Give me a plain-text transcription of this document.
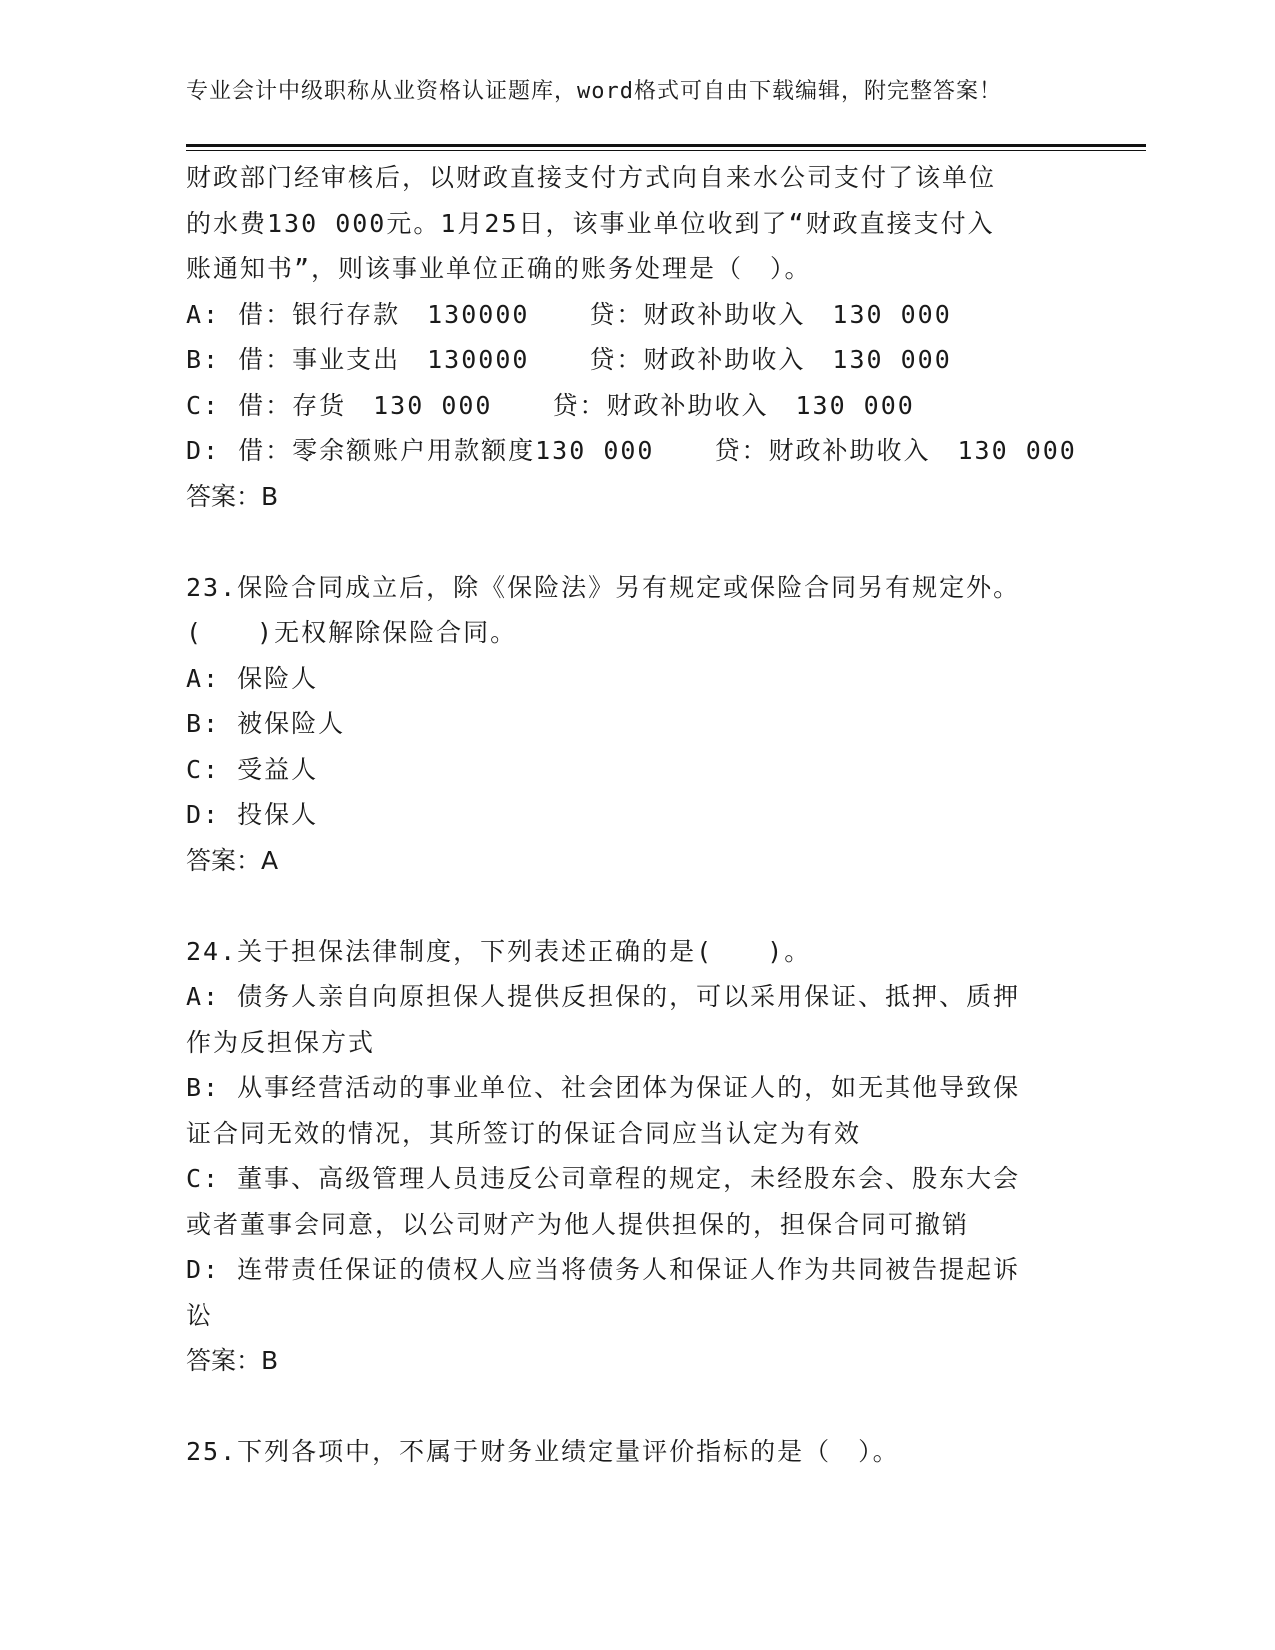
专业会计中级职称从业资格认证题库，word格式可自由下载编辑，附完整答案！
财政部门经审核后，以财政直接支付方式向自来水公司支付了该单位
的水费130 000元。1月25日，该事业单位收到了“财政直接支付入
账通知书”，则该事业单位正确的账务处理是（　）。
A: 借：银行存款　130000 贷：财政补助收入　130 000
B: 借：事业支出　130000 贷：财政补助收入　130 000
C: 借：存货　130 000 贷：财政补助收入　130 000
D: 借：零余额账户用款额度130 000 贷：财政补助收入　130 000
答案：B
23.保险合同成立后，除《保险法》另有规定或保险合同另有规定外。
(　　)无权解除保险合同。
A: 保险人
B: 被保险人
C: 受益人
D: 投保人
答案：A
24.关于担保法律制度，下列表述正确的是(　　)。
A: 债务人亲自向原担保人提供反担保的，可以采用保证、抵押、质押
作为反担保方式
B: 从事经营活动的事业单位、社会团体为保证人的，如无其他导致保
证合同无效的情况，其所签订的保证合同应当认定为有效
C: 董事、高级管理人员违反公司章程的规定，未经股东会、股东大会
或者董事会同意，以公司财产为他人提供担保的，担保合同可撤销
D: 连带责任保证的债权人应当将债务人和保证人作为共同被告提起诉
讼
答案：B
25.下列各项中，不属于财务业绩定量评价指标的是（　）。
